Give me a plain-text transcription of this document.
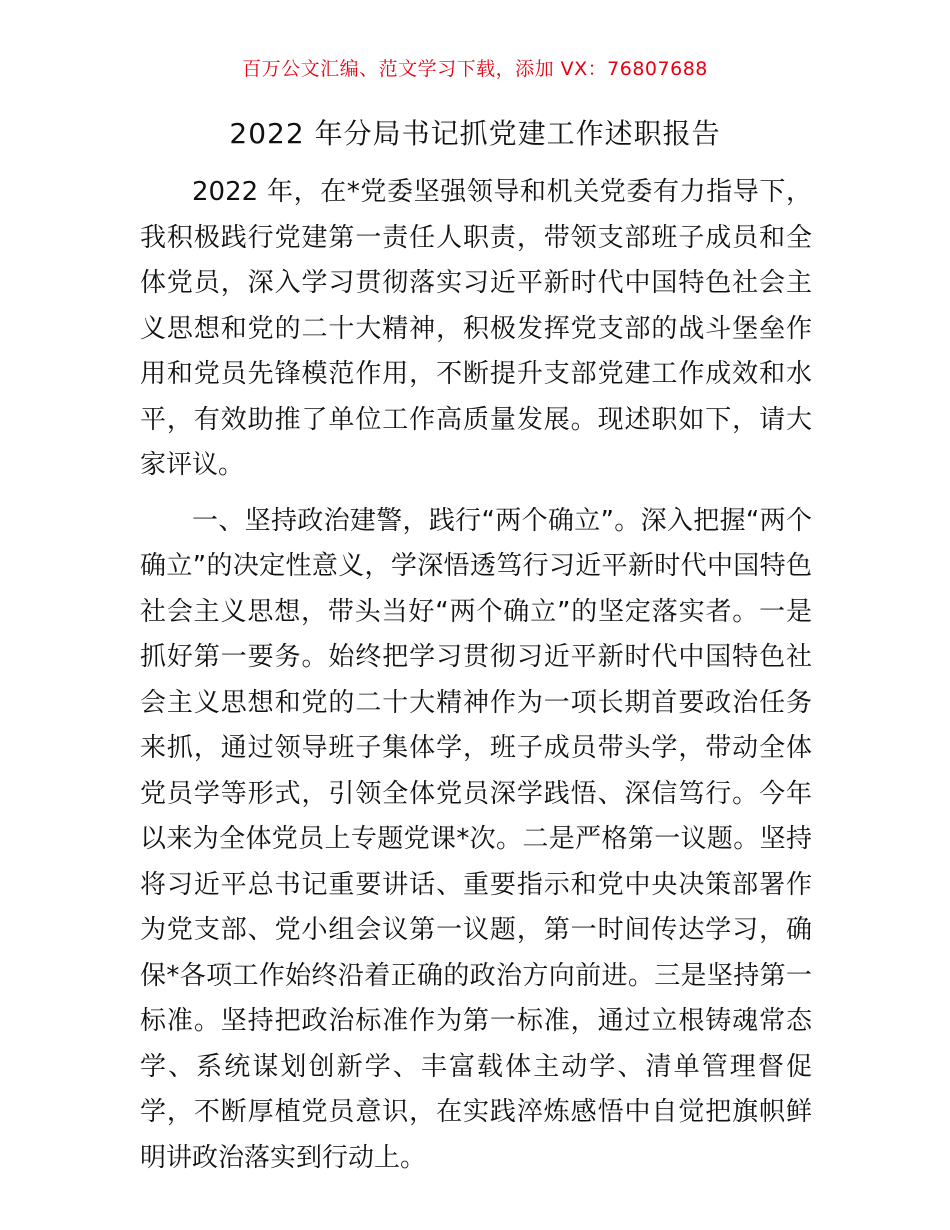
百万公文汇编、范文学习下载，添加 VX：76807688
2022 年分局书记抓党建工作述职报告

2022 年，在*党委坚强领导和机关党委有力指导下，我积极践行党建第一责任人职责，带领支部班子成员和全体党员，深入学习贯彻落实习近平新时代中国特色社会主义思想和党的二十大精神，积极发挥党支部的战斗堡垒作用和党员先锋模范作用，不断提升支部党建工作成效和水平，有效助推了单位工作高质量发展。现述职如下，请大家评议。

一、坚持政治建警，践行“两个确立”。深入把握“两个确立”的决定性意义，学深悟透笃行习近平新时代中国特色社会主义思想，带头当好“两个确立”的坚定落实者。一是抓好第一要务。始终把学习贯彻习近平新时代中国特色社会主义思想和党的二十大精神作为一项长期首要政治任务来抓，通过领导班子集体学，班子成员带头学，带动全体党员学等形式，引领全体党员深学践悟、深信笃行。今年以来为全体党员上专题党课*次。二是严格第一议题。坚持将习近平总书记重要讲话、重要指示和党中央决策部署作为党支部、党小组会议第一议题，第一时间传达学习，确保*各项工作始终沿着正确的政治方向前进。三是坚持第一标准。坚持把政治标准作为第一标准，通过立根铸魂常态学、系统谋划创新学、丰富载体主动学、清单管理督促学，不断厚植党员意识，在实践淬炼感悟中自觉把旗帜鲜明讲政治落实到行动上。
